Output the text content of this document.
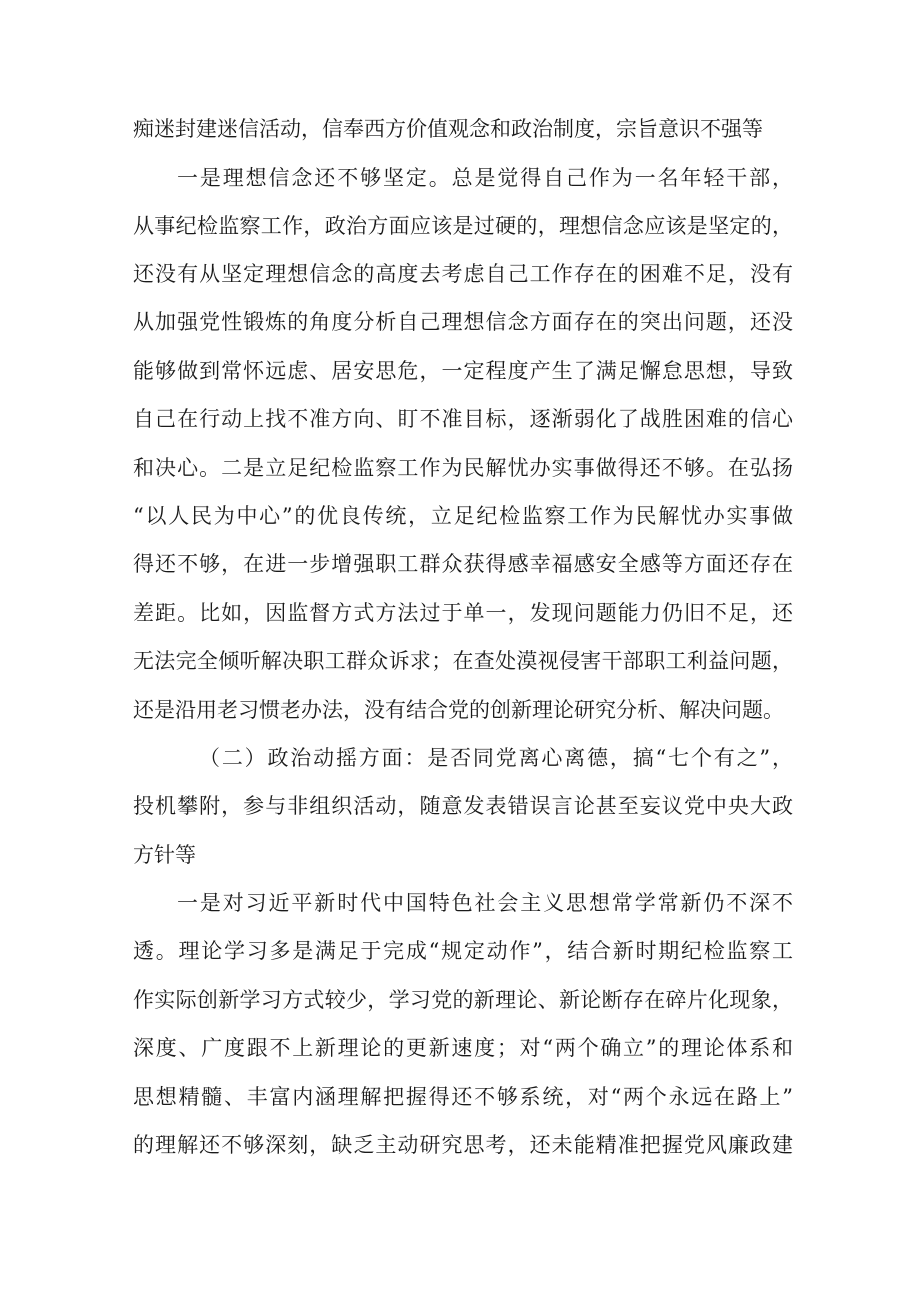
痴迷封建迷信活动，信奉西方价值观念和政治制度，宗旨意识不强等
一是理想信念还不够坚定。总是觉得自己作为一名年轻干部，
从事纪检监察工作，政治方面应该是过硬的，理想信念应该是坚定的，
还没有从坚定理想信念的高度去考虑自己工作存在的困难不足，没有
从加强党性锻炼的角度分析自己理想信念方面存在的突出问题，还没
能够做到常怀远虑、居安思危，一定程度产生了满足懈怠思想，导致
自己在行动上找不准方向、盯不准目标，逐渐弱化了战胜困难的信心
和决心。二是立足纪检监察工作为民解忧办实事做得还不够。在弘扬
“以人民为中心”的优良传统，立足纪检监察工作为民解忧办实事做
得还不够，在进一步增强职工群众获得感幸福感安全感等方面还存在
差距。比如，因监督方式方法过于单一，发现问题能力仍旧不足，还
无法完全倾听解决职工群众诉求；在查处漠视侵害干部职工利益问题，
还是沿用老习惯老办法，没有结合党的创新理论研究分析、解决问题。
（二）政治动摇方面：是否同党离心离德，搞“七个有之”，
投机攀附，参与非组织活动，随意发表错误言论甚至妄议党中央大政
方针等
一是对习近平新时代中国特色社会主义思想常学常新仍不深不
透。理论学习多是满足于完成“规定动作”，结合新时期纪检监察工
作实际创新学习方式较少，学习党的新理论、新论断存在碎片化现象，
深度、广度跟不上新理论的更新速度；对“两个确立”的理论体系和
思想精髓、丰富内涵理解把握得还不够系统，对“两个永远在路上”
的理解还不够深刻，缺乏主动研究思考，还未能精准把握党风廉政建
